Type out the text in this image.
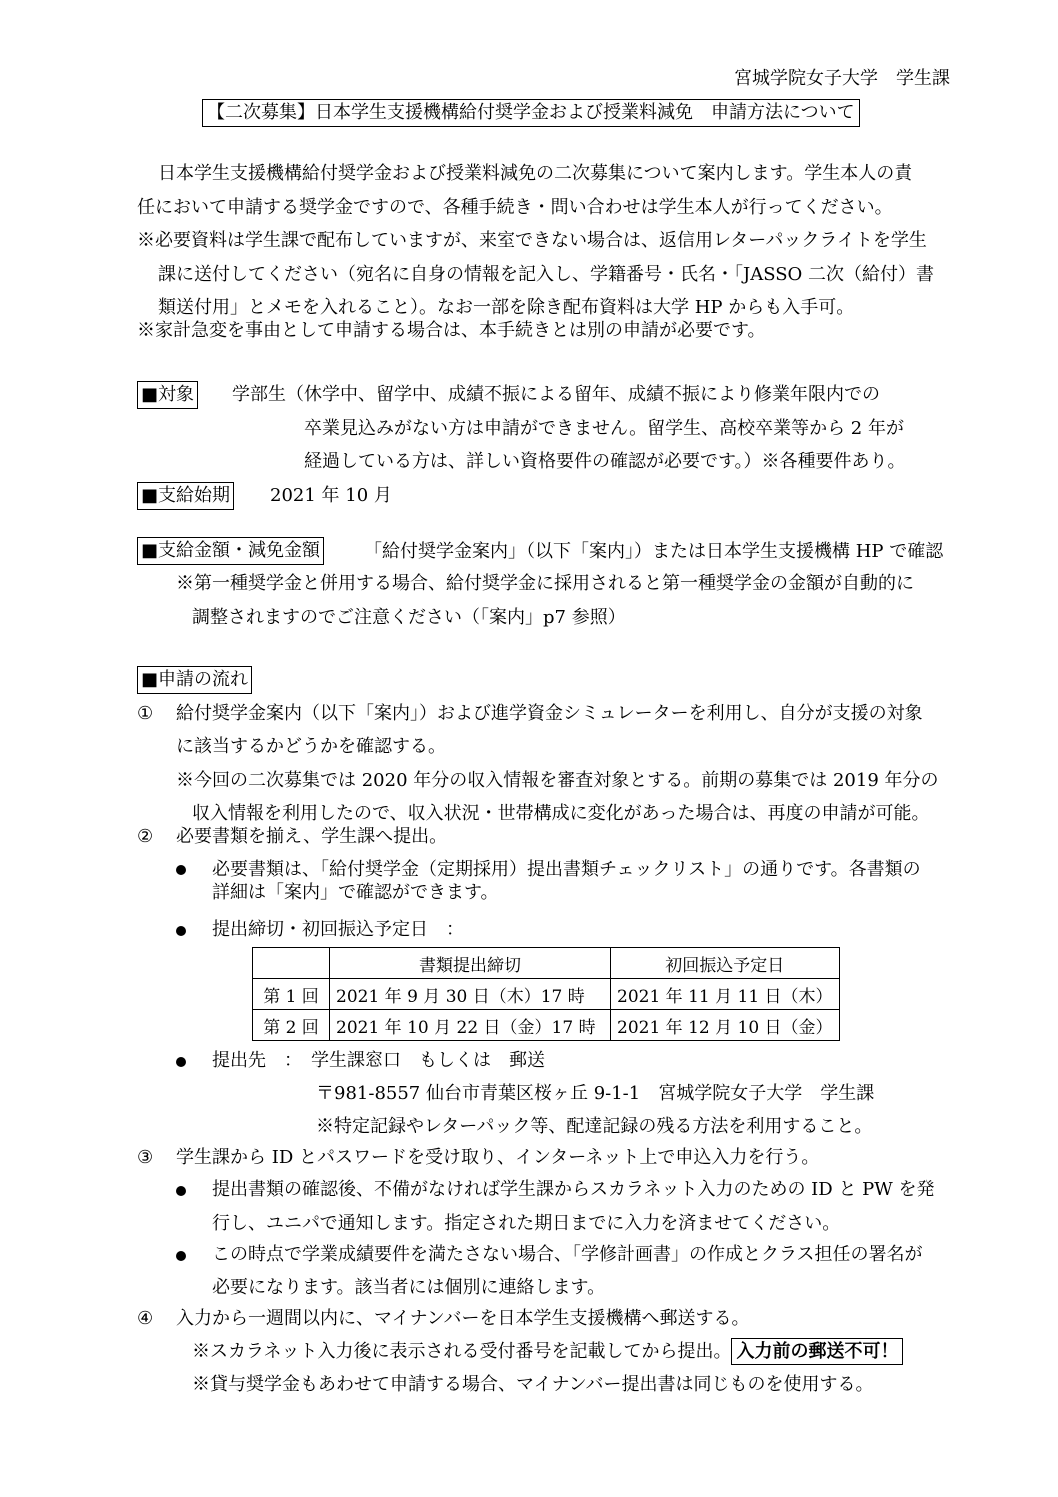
宮城学院女子大学　学生課
【二次募集】日本学生支援機構給付奨学金および授業料減免　申請方法について
日本学生支援機構給付奨学金および授業料減免の二次募集について案内します。学生本人の責
任において申請する奨学金ですので、各種手続き・問い合わせは学生本人が行ってください。
※必要資料は学生課で配布していますが、来室できない場合は、返信用レターパックライトを学生
課に送付してください（宛名に自身の情報を記入し、学籍番号・氏名・「JASSO 二次（給付）書
類送付用」とメモを入れること）。なお一部を除き配布資料は大学 HP からも入手可。
※家計急変を事由として申請する場合は、本手続きとは別の申請が必要です。
■対象 学部生（休学中、留学中、成績不振による留年、成績不振により修業年限内での
卒業見込みがない方は申請ができません。留学生、高校卒業等から 2 年が
経過している方は、詳しい資格要件の確認が必要です。）※各種要件あり。
■支給始期 2021 年 10 月
■支給金額・減免金額 「給付奨学金案内」（以下「案内」）または日本学生支援機構 HP で確認
※第一種奨学金と併用する場合、給付奨学金に採用されると第一種奨学金の金額が自動的に
調整されますのでご注意ください（「案内」p7 参照）
■申請の流れ
① 給付奨学金案内（以下「案内」）および進学資金シミュレーターを利用し、自分が支援の対象
に該当するかどうかを確認する。
※今回の二次募集では 2020 年分の収入情報を審査対象とする。前期の募集では 2019 年分の
収入情報を利用したので、収入状況・世帯構成に変化があった場合は、再度の申請が可能。
② 必要書類を揃え、学生課へ提出。
必要書類は、「給付奨学金（定期採用）提出書類チェックリスト」の通りです。各書類の
詳細は「案内」で確認ができます。
提出締切・初回振込予定日　：
	書類提出締切	初回振込予定日
第 1 回	2021 年 9 月 30 日（木）17 時	2021 年 11 月 11 日（木）
第 2 回	2021 年 10 月 22 日（金）17 時	2021 年 12 月 10 日（金）
提出先　：　学生課窓口　もしくは　郵送
〒981-8557 仙台市青葉区桜ヶ丘 9-1-1　宮城学院女子大学　学生課
※特定記録やレターパック等、配達記録の残る方法を利用すること。
③ 学生課から ID とパスワードを受け取り、インターネット上で申込入力を行う。
提出書類の確認後、不備がなければ学生課からスカラネット入力のための ID と PW を発
行し、ユニパで通知します。指定された期日までに入力を済ませてください。
この時点で学業成績要件を満たさない場合、「学修計画書」の作成とクラス担任の署名が
必要になります。該当者には個別に連絡します。
④ 入力から一週間以内に、マイナンバーを日本学生支援機構へ郵送する。
※スカラネット入力後に表示される受付番号を記載してから提出。 入力前の郵送不可！
※貸与奨学金もあわせて申請する場合、マイナンバー提出書は同じものを使用する。
